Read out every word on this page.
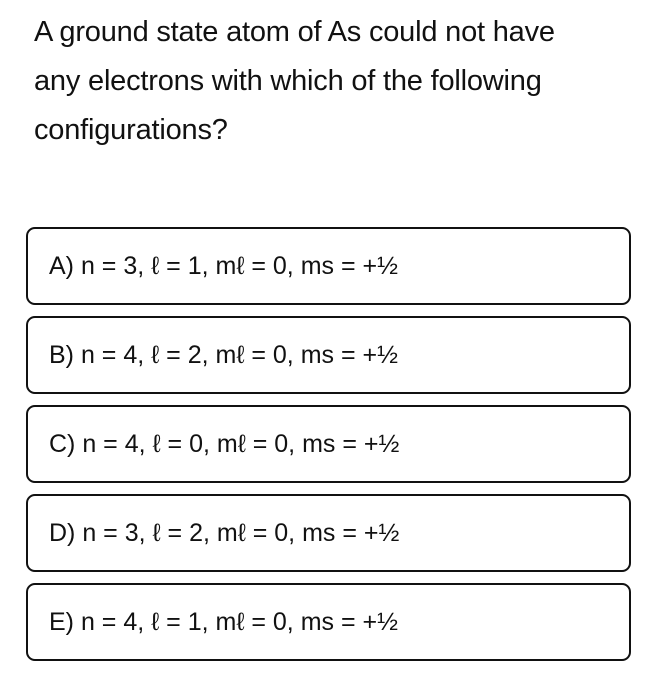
A ground state atom of As could not have
any electrons with which of the following
configurations?
A) n = 3, ℓ = 1, mℓ = 0, ms = +½
B) n = 4, ℓ = 2, mℓ = 0, ms = +½
C) n = 4, ℓ = 0, mℓ = 0, ms = +½
D) n = 3, ℓ = 2, mℓ = 0, ms = +½
E) n = 4, ℓ = 1, mℓ = 0, ms = +½
